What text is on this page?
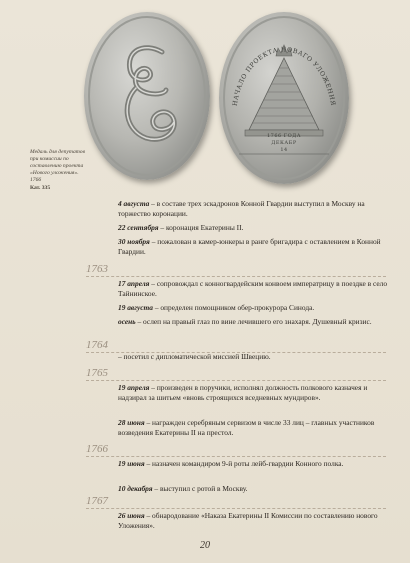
НАЧАЛО ПРОЕКТА НОВАГО УЛОЖЕНИЯ
1766 ГОДА
ДЕКАБР
14
Медаль для депутатов при комиссии по составлению проекта «Нового уложения». 1766
Кат. 335
4 августа – в составе трех эскадронов Конной Гвардии выступил в Москву на торжество коронации.
22 сентября – коронация Екатерины II.
30 ноября – пожалован в камер-юнкеры в ранге бригадира с оставлением в Конной Гвардии.
1763
17 апреля – сопровождал с конногвардейским конвоем императрицу в поездке в село Тайнинское.
19 августа – определен помощником обер-прокурора Синода.
осень – ослеп на правый глаз по вине лечившего его знахаря. Душевный кризис.
1764
– посетил с дипломатической миссией Швецию.
1765
19 апреля – произведен в поручики, исполнял должность полкового казначея и надзирал за шитьем «вновь строящихся вседневных мундиров».
28 июня – награжден серебряным сервизом в числе 33 лиц – главных участников возведения Екатерины II на престол.
1766
19 июня – назначен командиром 9-й роты лейб-гвардии Конного полка.
10 декабря – выступил с ротой в Москву.
1767
26 июня – обнародование «Наказа Екатерины II Комиссии по составлению нового Уложения».
20
